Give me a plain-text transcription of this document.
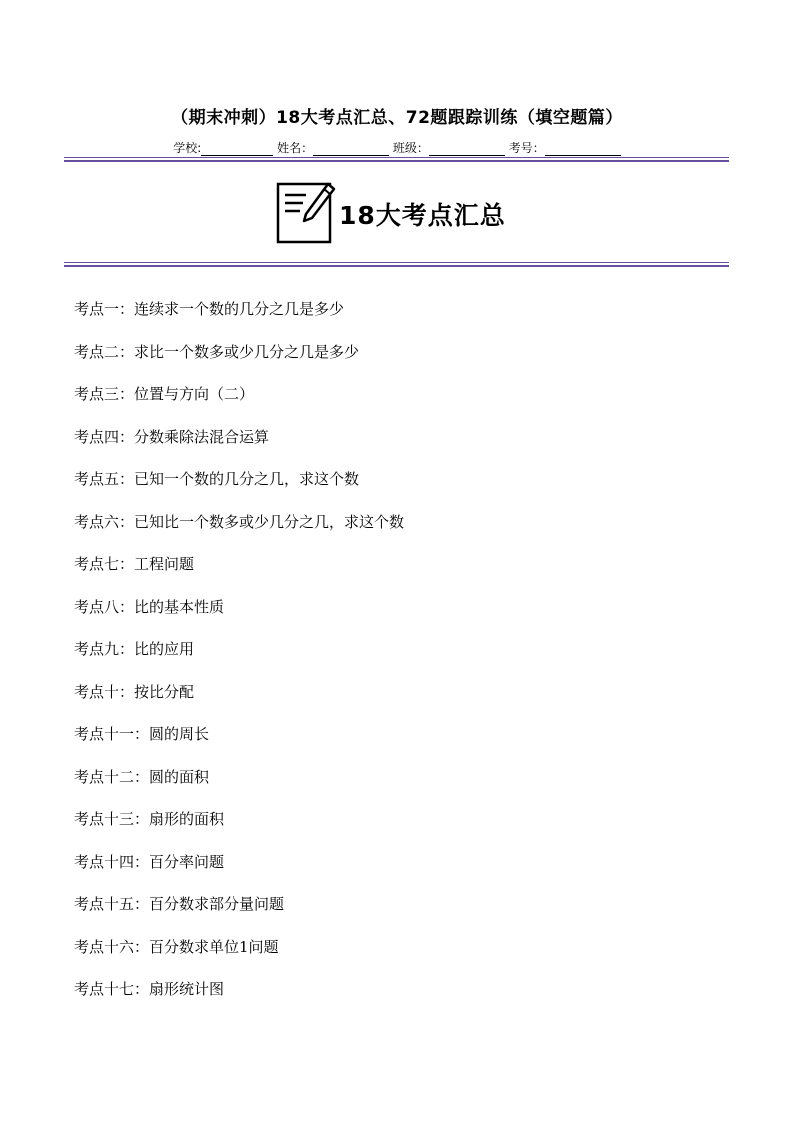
（期末冲刺）18大考点汇总、72题跟踪训练（填空题篇）
学校:	姓名：	班级：	考号：
18大考点汇总
考点一：连续求一个数的几分之几是多少
考点二：求比一个数多或少几分之几是多少
考点三：位置与方向（二）
考点四：分数乘除法混合运算
考点五：已知一个数的几分之几，求这个数
考点六：已知比一个数多或少几分之几，求这个数
考点七：工程问题
考点八：比的基本性质
考点九：比的应用
考点十：按比分配
考点十一：圆的周长
考点十二：圆的面积
考点十三：扇形的面积
考点十四：百分率问题
考点十五：百分数求部分量问题
考点十六：百分数求单位1问题
考点十七：扇形统计图
